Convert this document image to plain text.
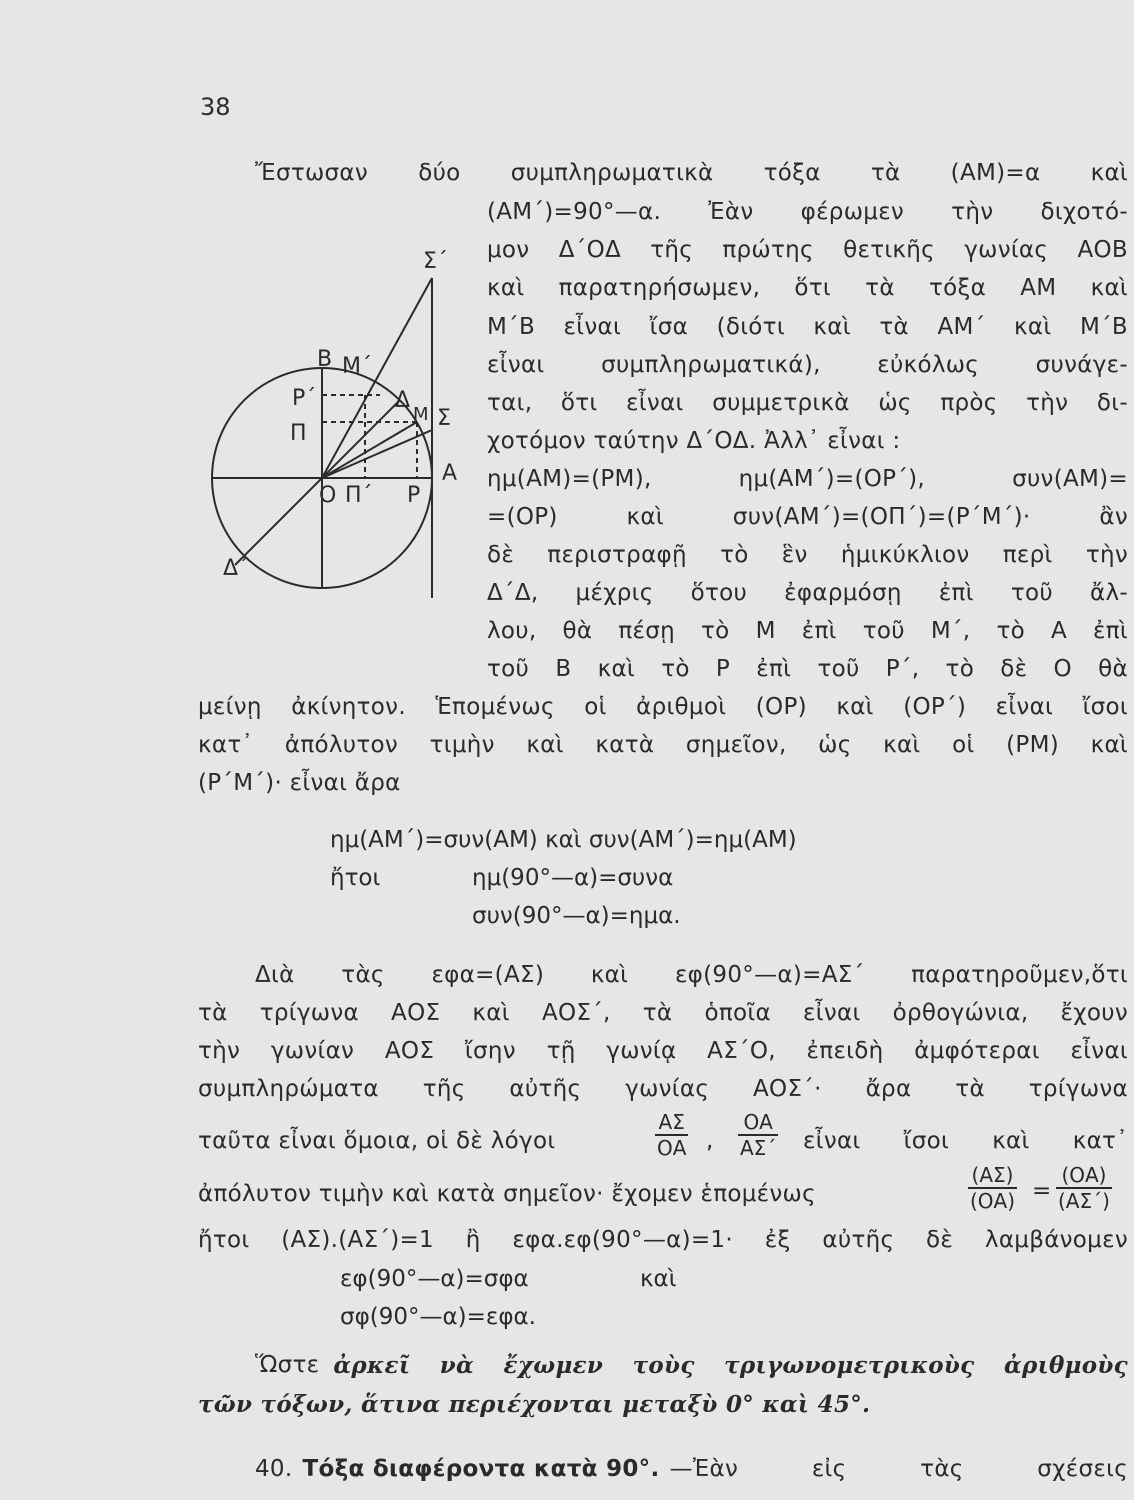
38
Σ΄
Β Μ΄
Ρ΄	Δ
Μ Σ
Π
Α
Ο Π΄ Ρ
Δ΄
Ἔστωσαν δύο συμπληρωματικὰ τόξα τὰ (ΑΜ)=α καὶ
(ΑΜ΄)=90°—α. Ἐὰν φέρωμεν τὴν διχοτό-
μον Δ΄ΟΔ τῆς πρώτης θετικῆς γωνίας ΑΟΒ
καὶ παρατηρήσωμεν, ὅτι τὰ τόξα ΑΜ καὶ
Μ΄Β εἶναι ἴσα (διότι καὶ τὰ ΑΜ΄ καὶ Μ΄Β
εἶναι συμπληρωματικά), εὐκόλως συνάγε-
ται, ὅτι εἶναι συμμετρικὰ ὡς πρὸς τὴν δι-
χοτόμον ταύτην Δ΄ΟΔ. Ἀλλ᾽ εἶναι :
ημ(ΑΜ)=(ΡΜ), ημ(ΑΜ΄)=(ΟΡ΄), συν(ΑΜ)=
=(ΟΡ) καὶ συν(ΑΜ΄)=(ΟΠ΄)=(Ρ΄Μ΄)· ἂν
δὲ περιστραφῇ τὸ ἓν ἡμικύκλιον περὶ τὴν
Δ΄Δ, μέχρις ὅτου ἐφαρμόσῃ ἐπὶ τοῦ ἄλ-
λου, θὰ πέσῃ τὸ Μ ἐπὶ τοῦ Μ΄, τὸ Α ἐπὶ
τοῦ Β καὶ τὸ Ρ ἐπὶ τοῦ Ρ΄, τὸ δὲ Ο θὰ
μείνῃ ἀκίνητον. Ἑπομένως οἱ ἀριθμοὶ (ΟΡ) καὶ (ΟΡ΄) εἶναι ἴσοι
κατ᾽ ἀπόλυτον τιμὴν καὶ κατὰ σημεῖον, ὡς καὶ οἱ (ΡΜ) καὶ
(Ρ΄Μ΄)· εἶναι ἄρα
ημ(ΑΜ΄)=συν(ΑΜ) καὶ συν(ΑΜ΄)=ημ(ΑΜ)
ἤτοι	ημ(90°—α)=συνα
συν(90°—α)=ημα.
Διὰ τὰς εφα=(ΑΣ) καὶ εφ(90°—α)=ΑΣ΄ παρατηροῦμεν,ὅτι
τὰ τρίγωνα ΑΟΣ καὶ ΑΟΣ΄, τὰ ὁποῖα εἶναι ὀρθογώνια, ἔχουν
τὴν γωνίαν ΑΟΣ ἴσην τῇ γωνίᾳ ΑΣ΄Ο, ἐπειδὴ ἀμφότεραι εἶναι
συμπληρώματα τῆς αὐτῆς γωνίας ΑΟΣ΄· ἄρα τὰ τρίγωνα
ταῦτα εἶναι ὅμοια, οἱ δὲ λόγοι	$\frac{A\Sigma}{OA}$ , $\frac{OA}{A\Sigma΄}$ εἶναι ἴσοι καὶ κατ᾽
ἀπόλυτον τιμὴν καὶ κατὰ σημεῖον· ἔχομεν ἑπομένως	$\frac{(A\Sigma)}{(OA)} = \frac{(OA)}{(A\Sigma΄)}$
ἤτοι (ΑΣ).(ΑΣ΄)=1 ἢ εφα.εφ(90°—α)=1· ἐξ αὐτῆς δὲ λαμβάνομεν
εφ(90°—α)=σφα	καὶ
σφ(90°—α)=εφα.
Ὥστε ἀρκεῖ νὰ ἔχωμεν τοὺς τριγωνομετρικοὺς ἀριθμοὺς
τῶν τόξων, ἅτινα περιέχονται μεταξὺ 0° καὶ 45°.
40. Τόξα διαφέροντα κατὰ 90°. —Ἐὰν εἰς τὰς σχέσεις
